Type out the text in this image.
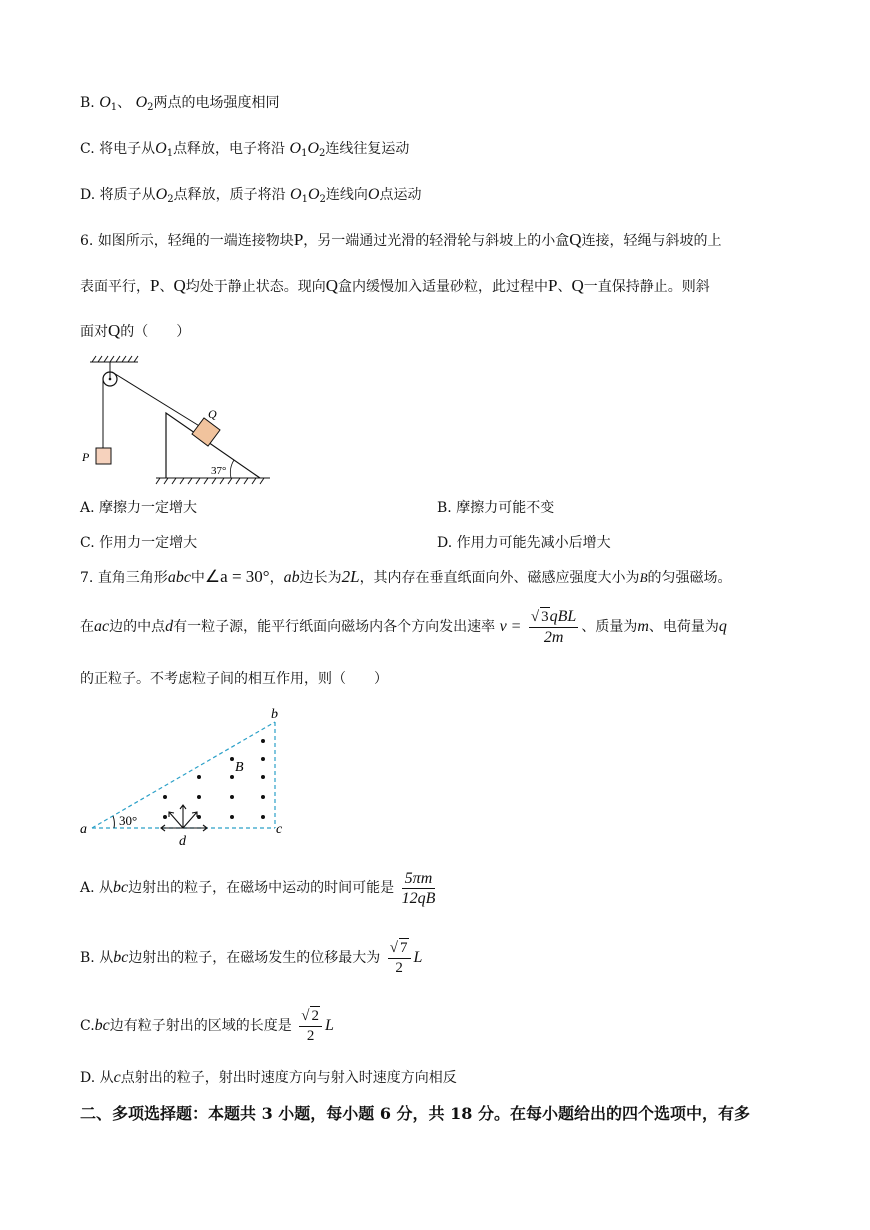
B. $O_1$、 $O_2$两点的电场强度相同
C. 将电子从$O_1$点释放，电子将沿 $O_1O_2$连线往复运动
D. 将质子从$O_2$点释放，质子将沿 $O_1O_2$连线向O点运动
6. 如图所示，轻绳的一端连接物块P，另一端通过光滑的轻滑轮与斜坡上的小盒Q连接，轻绳与斜坡的上
表面平行，P、Q均处于静止状态。现向Q盒内缓慢加入适量砂粒，此过程中P、Q一直保持静止。则斜
面对Q的（　　）
P
Q
37°
A. 摩擦力一定增大	B. 摩擦力可能不变
C. 作用力一定增大	D. 作用力可能先减小后增大
7. 直角三角形abc中∠a = 30°，ab边长为2L，其内存在垂直纸面向外、磁感应强度大小为B的匀强磁场。
在ac边的中点d有一粒子源，能平行纸面向磁场内各个方向发出速率 $v = \frac{\text{√ 3qBL}}{2m}$ 、质量为m、电荷量为q
的正粒子。不考虑粒子间的相互作用，则（　　）
a
b
c
30°
B
d
A. 从bc边射出的粒子，在磁场中运动的时间可能是 $\frac{5\pi m}{12qB}$
B. 从bc边射出的粒子，在磁场发生的位移最大为 $\frac{√ 7}{2}$ L
C.bc边有粒子射出的区域的长度是 $\frac{√ 2}{2}$ L
D. 从c点射出的粒子，射出时速度方向与射入时速度方向相反
二、多项选择题：本题共 3 小题，每小题 6 分，共 18 分。在每小题给出的四个选项中，有多
